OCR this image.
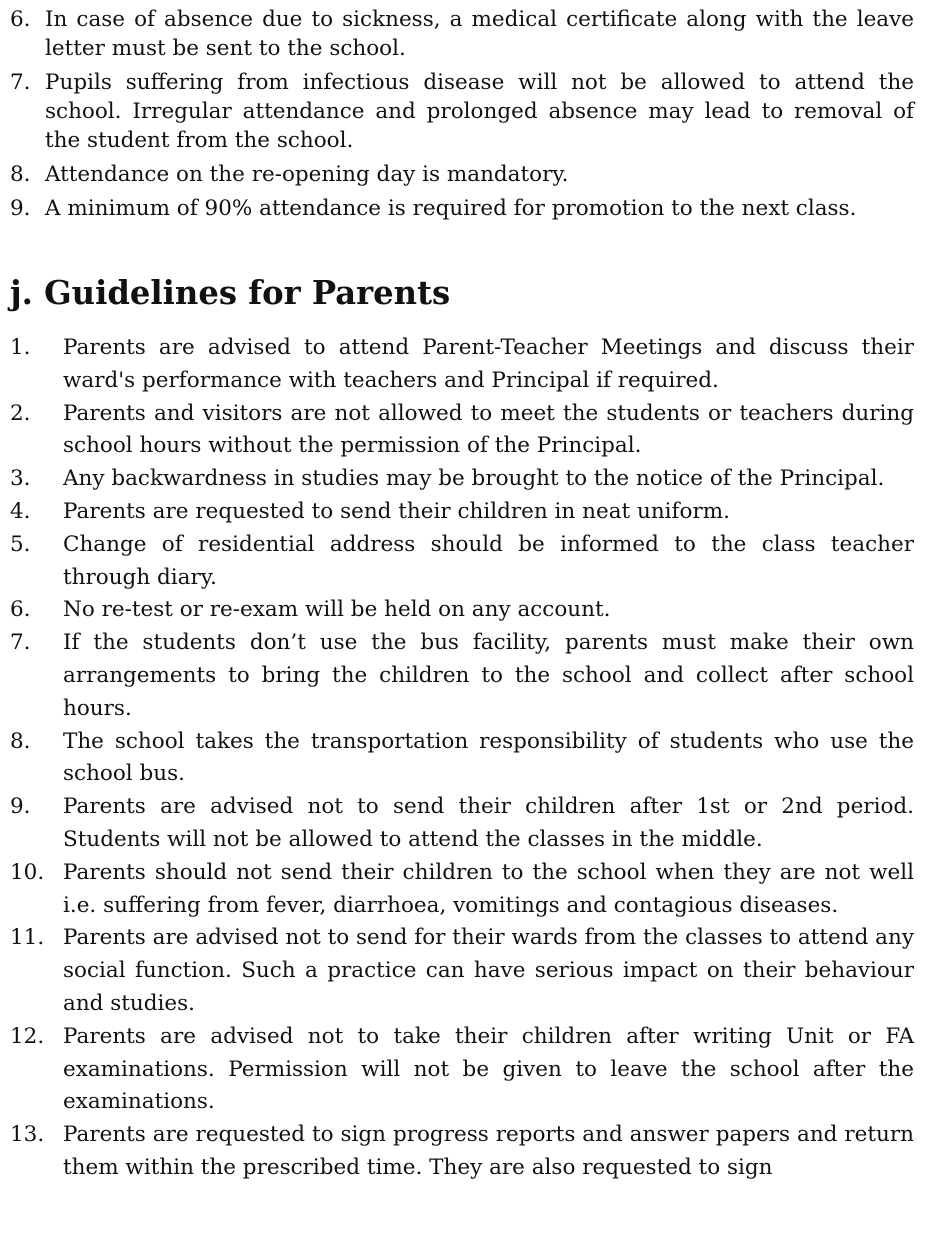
6. In case of absence due to sickness, a medical certificate along with the leave letter must be sent to the school.
7. Pupils suffering from infectious disease will not be allowed to attend the school. Irregular attendance and prolonged absence may lead to removal of the student from the school.
8. Attendance on the re-opening day is mandatory.
9. A minimum of 90% attendance is required for promotion to the next class.
j. Guidelines for Parents
1.	Parents are advised to attend Parent-Teacher Meetings and discuss their ward's performance with teachers and Principal if required.
2.	Parents and visitors are not allowed to meet the students or teachers during school hours without the permission of the Principal.
3.	Any backwardness in studies may be brought to the notice of the Principal.
4.	Parents are requested to send their children in neat uniform.
5.	Change of residential address should be informed to the class teacher through diary.
6.	No re-test or re-exam will be held on any account.
7.	If the students don’t use the bus facility, parents must make their own arrangements to bring the children to the school and collect after school hours.
8.	The school takes the transportation responsibility of students who use the school bus.
9.	Parents are advised not to send their children after 1st or 2nd period. Students will not be allowed to attend the classes in the middle.
10. Parents should not send their children to the school when they are not well i.e. suffering from fever, diarrhoea, vomitings and contagious diseases.
11. Parents are advised not to send for their wards from the classes to attend any social function. Such a practice can have serious impact on their behaviour and studies.
12. Parents are advised not to take their children after writing Unit or FA examinations. Permission will not be given to leave the school after the examinations.
13. Parents are requested to sign progress reports and answer papers and return them within the prescribed time. They are also requested to sign
